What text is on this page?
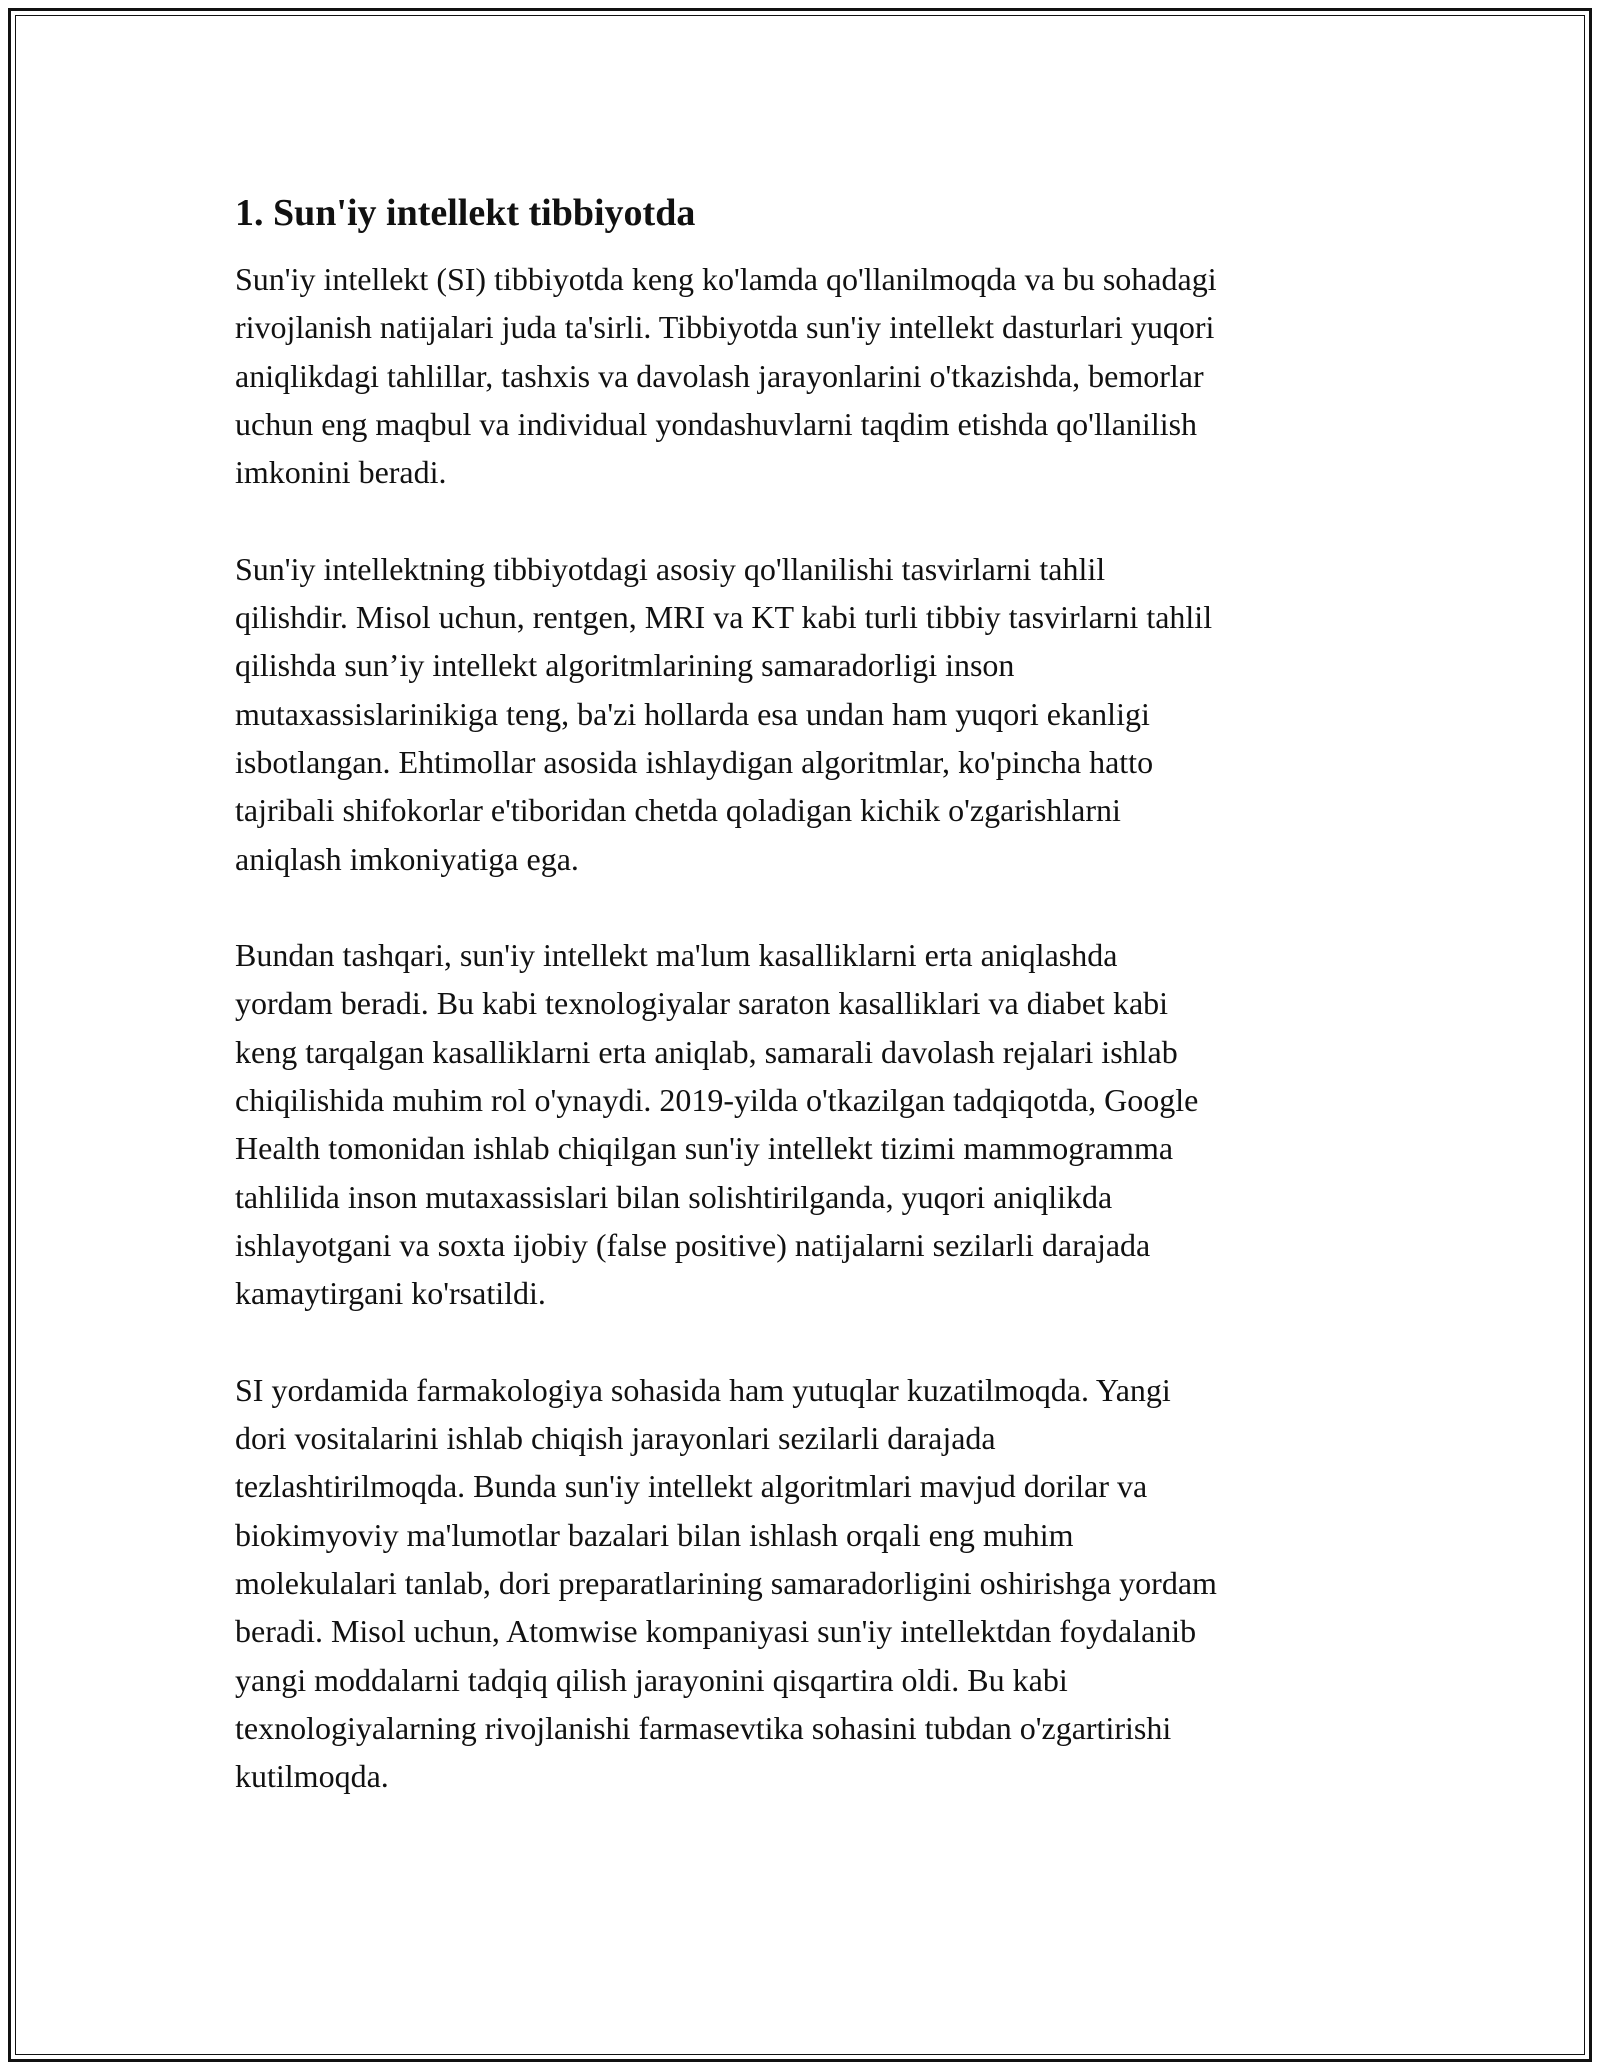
1. Sun'iy intellekt tibbiyotda

Sun'iy intellekt (SI) tibbiyotda keng ko'lamda qo'llanilmoqda va bu sohadagi
rivojlanish natijalari juda ta'sirli. Tibbiyotda sun'iy intellekt dasturlari yuqori
aniqlikdagi tahlillar, tashxis va davolash jarayonlarini o'tkazishda, bemorlar
uchun eng maqbul va individual yondashuvlarni taqdim etishda qo'llanilish
imkonini beradi.

Sun'iy intellektning tibbiyotdagi asosiy qo'llanilishi tasvirlarni tahlil
qilishdir. Misol uchun, rentgen, MRI va KT kabi turli tibbiy tasvirlarni tahlil
qilishda sun’iy intellekt algoritmlarining samaradorligi inson
mutaxassislarinikiga teng, ba'zi hollarda esa undan ham yuqori ekanligi
isbotlangan. Ehtimollar asosida ishlaydigan algoritmlar, ko'pincha hatto
tajribali shifokorlar e'tiboridan chetda qoladigan kichik o'zgarishlarni
aniqlash imkoniyatiga ega.

Bundan tashqari, sun'iy intellekt ma'lum kasalliklarni erta aniqlashda
yordam beradi. Bu kabi texnologiyalar saraton kasalliklari va diabet kabi
keng tarqalgan kasalliklarni erta aniqlab, samarali davolash rejalari ishlab
chiqilishida muhim rol o'ynaydi. 2019-yilda o'tkazilgan tadqiqotda, Google
Health tomonidan ishlab chiqilgan sun'iy intellekt tizimi mammogramma
tahlilida inson mutaxassislari bilan solishtirilganda, yuqori aniqlikda
ishlayotgani va soxta ijobiy (false positive) natijalarni sezilarli darajada
kamaytirgani ko'rsatildi.

SI yordamida farmakologiya sohasida ham yutuqlar kuzatilmoqda. Yangi
dori vositalarini ishlab chiqish jarayonlari sezilarli darajada
tezlashtirilmoqda. Bunda sun'iy intellekt algoritmlari mavjud dorilar va
biokimyoviy ma'lumotlar bazalari bilan ishlash orqali eng muhim
molekulalari tanlab, dori preparatlarining samaradorligini oshirishga yordam
beradi. Misol uchun, Atomwise kompaniyasi sun'iy intellektdan foydalanib
yangi moddalarni tadqiq qilish jarayonini qisqartira oldi. Bu kabi
texnologiyalarning rivojlanishi farmasevtika sohasini tubdan o'zgartirishi
kutilmoqda.
